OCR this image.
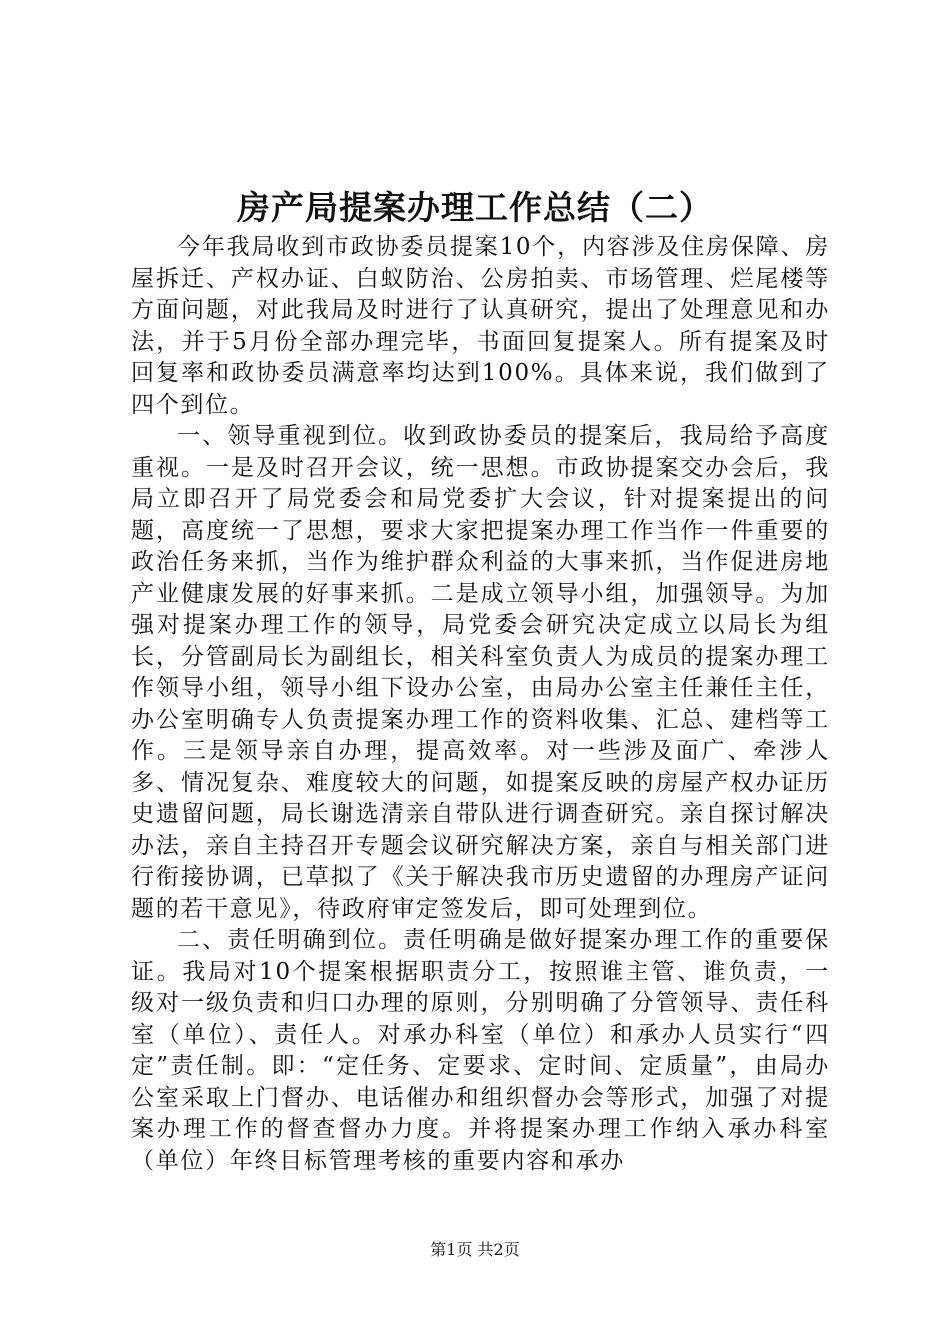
房产局提案办理工作总结（二）

今年我局收到市政协委员提案10个，内容涉及住房保障、房屋拆迁、产权办证、白蚁防治、公房拍卖、市场管理、烂尾楼等方面问题，对此我局及时进行了认真研究，提出了处理意见和办法，并于5月份全部办理完毕，书面回复提案人。所有提案及时回复率和政协委员满意率均达到100%。具体来说，我们做到了四个到位。

一、领导重视到位。收到政协委员的提案后，我局给予高度重视。一是及时召开会议，统一思想。市政协提案交办会后，我局立即召开了局党委会和局党委扩大会议，针对提案提出的问题，高度统一了思想，要求大家把提案办理工作当作一件重要的政治任务来抓，当作为维护群众利益的大事来抓，当作促进房地产业健康发展的好事来抓。二是成立领导小组，加强领导。为加强对提案办理工作的领导，局党委会研究决定成立以局长为组长，分管副局长为副组长，相关科室负责人为成员的提案办理工作领导小组，领导小组下设办公室，由局办公室主任兼任主任，办公室明确专人负责提案办理工作的资料收集、汇总、建档等工作。三是领导亲自办理，提高效率。对一些涉及面广、牵涉人多、情况复杂、难度较大的问题，如提案反映的房屋产权办证历史遗留问题，局长谢选清亲自带队进行调查研究。亲自探讨解决办法，亲自主持召开专题会议研究解决方案，亲自与相关部门进行衔接协调，已草拟了《关于解决我市历史遗留的办理房产证问题的若干意见》，待政府审定签发后，即可处理到位。

二、责任明确到位。责任明确是做好提案办理工作的重要保证。我局对10个提案根据职责分工，按照谁主管、谁负责，一级对一级负责和归口办理的原则，分别明确了分管领导、责任科室（单位）、责任人。对承办科室（单位）和承办人员实行“四定”责任制。即：“定任务、定要求、定时间、定质量”，由局办公室采取上门督办、电话催办和组织督办会等形式，加强了对提案办理工作的督查督办力度。并将提案办理工作纳入承办科室（单位）年终目标管理考核的重要内容和承办

第1页 共2页
